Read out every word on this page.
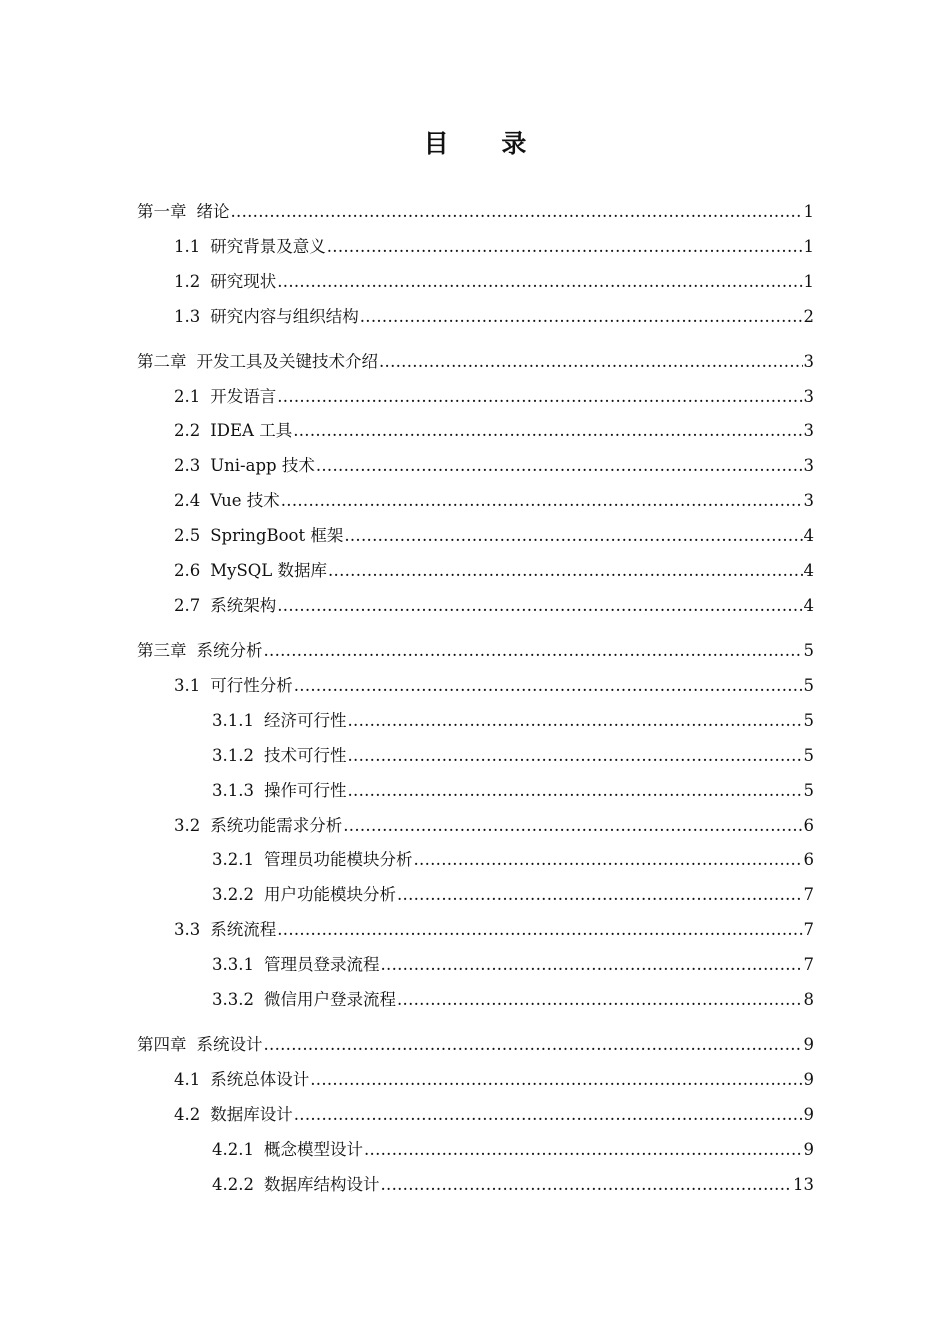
目 录
第一章 绪论 .....	1
1.1 研究背景及意义 .....	1
1.2 研究现状 .....	1
1.3 研究内容与组织结构 .....	2
第二章 开发工具及关键技术介绍 .....	3
2.1 开发语言 .....	3
2.2 IDEA 工具 .....	3
2.3 Uni-app 技术 .....	3
2.4 Vue 技术 .....	3
2.5 SpringBoot 框架 .....	4
2.6 MySQL 数据库 .....	4
2.7 系统架构 .....	4
第三章 系统分析 .....	5
3.1 可行性分析 .....	5
3.1.1 经济可行性 .....	5
3.1.2 技术可行性 .....	5
3.1.3 操作可行性 .....	5
3.2 系统功能需求分析 .....	6
3.2.1 管理员功能模块分析 .....	6
3.2.2 用户功能模块分析 .....	7
3.3 系统流程 .....	7
3.3.1 管理员登录流程 .....	7
3.3.2 微信用户登录流程 .....	8
第四章 系统设计 .....	9
4.1 系统总体设计 .....	9
4.2 数据库设计 .....	9
4.2.1 概念模型设计 .....	9
4.2.2 数据库结构设计 .....	13
